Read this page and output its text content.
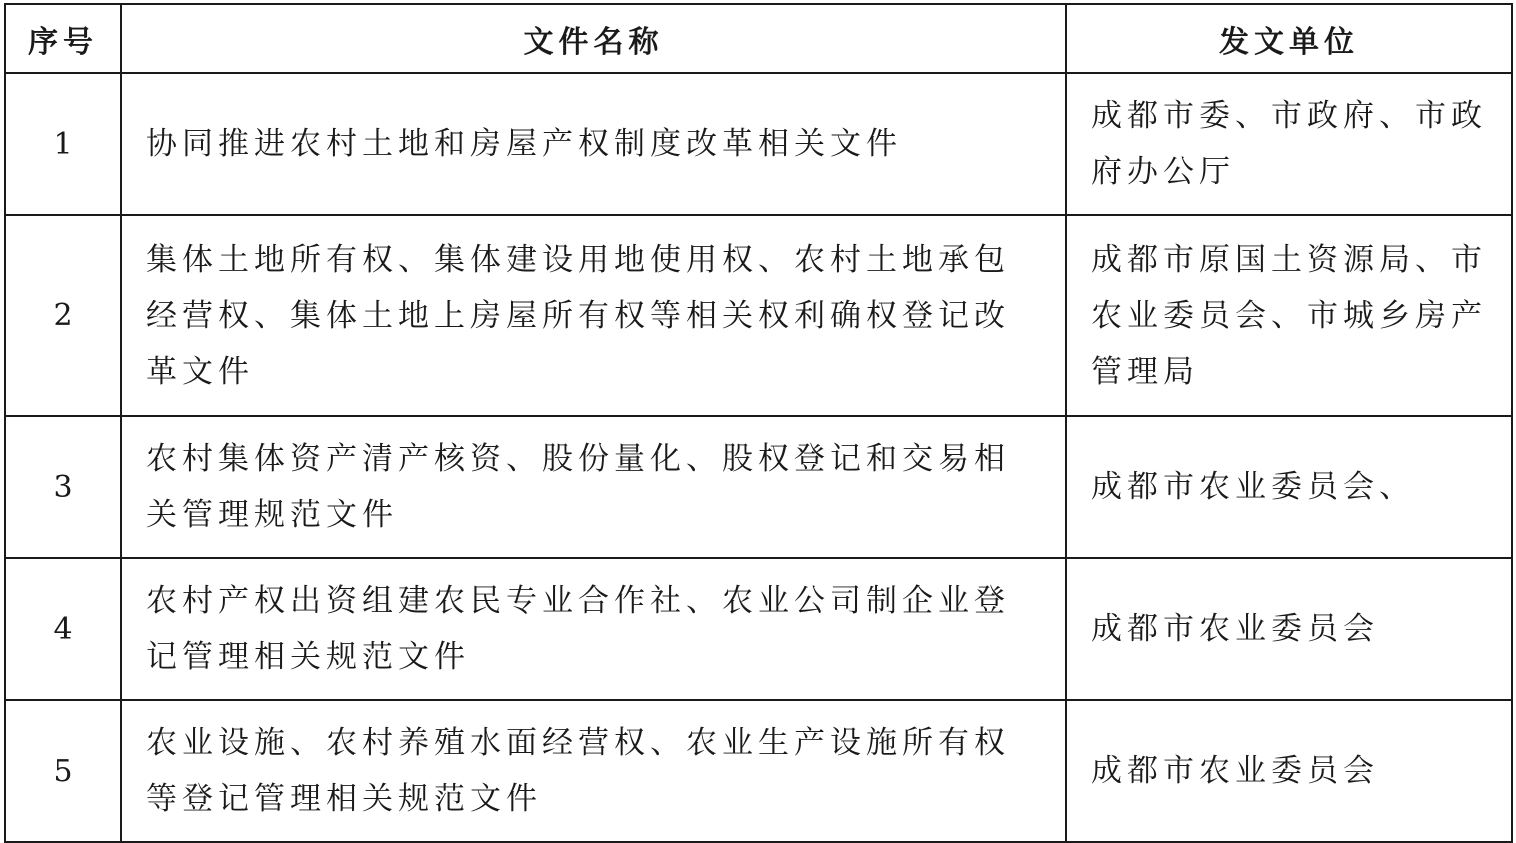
序号	文件名称	发文单位
1	协同推进农村土地和房屋产权制度改革相关文件	成都市委、市政府、市政府办公厅
2	集体土地所有权、集体建设用地使用权、农村土地承包经营权、集体土地上房屋所有权等相关权利确权登记改革文件	成都市原国土资源局、市农业委员会、市城乡房产管理局
3	农村集体资产清产核资、股份量化、股权登记和交易相关管理规范文件	成都市农业委员会、
4	农村产权出资组建农民专业合作社、农业公司制企业登记管理相关规范文件	成都市农业委员会
5	农业设施、农村养殖水面经营权、农业生产设施所有权等登记管理相关规范文件	成都市农业委员会
